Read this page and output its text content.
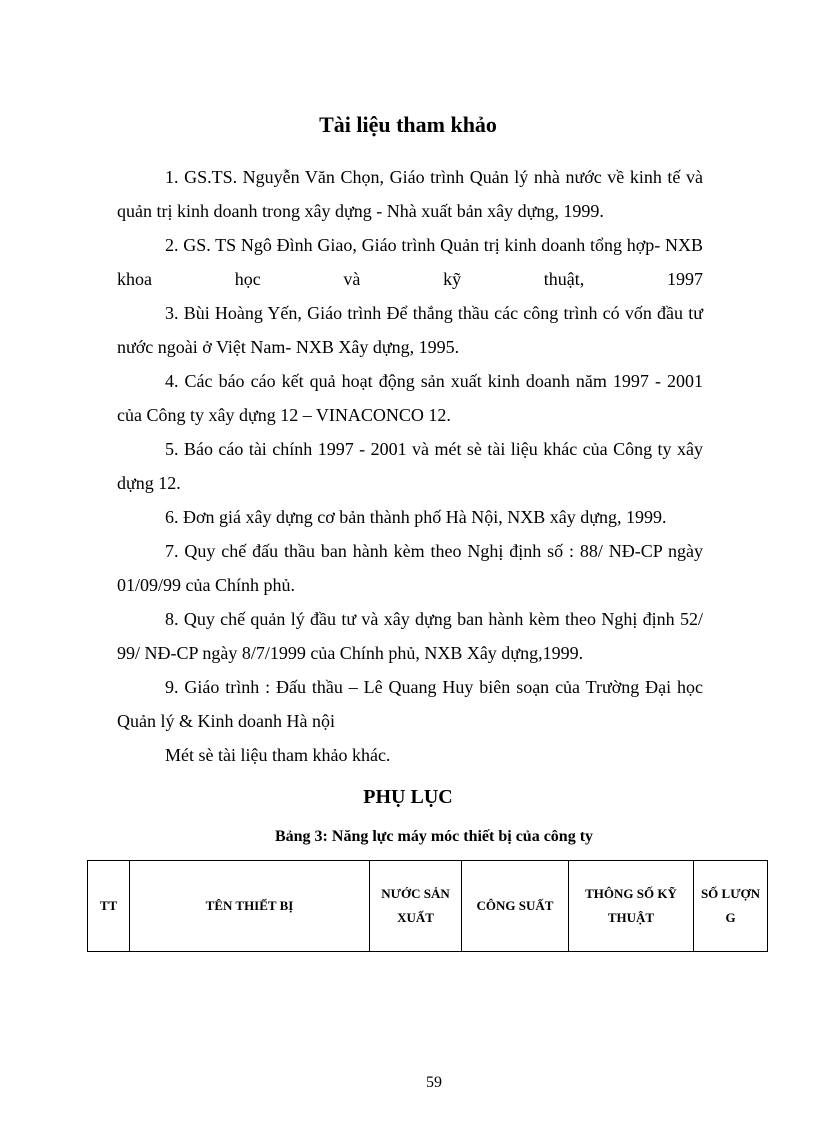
Tài liệu tham khảo

1. GS.TS. Nguyễn Văn Chọn, Giáo trình Quản lý nhà nước về kinh tế và quản trị kinh doanh trong xây dựng - Nhà xuất bản xây dựng, 1999.

2. GS. TS Ngô Đình Giao, Giáo trình Quản trị kinh doanh tổng hợp- NXB khoa học và kỹ thuật, 1997

3. Bùi Hoàng Yến, Giáo trình Để thắng thầu các công trình có vốn đầu tư nước ngoài ở Việt Nam- NXB Xây dựng, 1995.

4. Các báo cáo kết quả hoạt động sản xuất kinh doanh năm 1997 - 2001 của Công ty xây dựng 12 – VINACONCO 12.

5. Báo cáo tài chính 1997 - 2001 và mét sè tài liệu khác của Công ty xây dựng 12.

6. Đơn giá xây dựng cơ bản thành phố Hà Nội, NXB xây dựng, 1999.

7. Quy chế đấu thầu ban hành kèm theo Nghị định số : 88/ NĐ-CP ngày 01/09/99 của Chính phủ.

8. Quy chế quản lý đầu tư và xây dựng ban hành kèm theo Nghị định 52/ 99/ NĐ-CP ngày 8/7/1999 của Chính phủ, NXB Xây dựng,1999.

9. Giáo trình : Đấu thầu – Lê Quang Huy biên soạn của Trường Đại học Quản lý & Kinh doanh Hà nội

Mét sè tài liệu tham khảo khác.

PHỤ LỤC

Bảng 3: Năng lực máy móc thiết bị của công ty

TT	TÊN THIẾT BỊ	NƯỚC SẢN XUẤT	CÔNG SUẤT	THÔNG SỐ KỸ THUẬT	SỐ LƯỢN G

59
